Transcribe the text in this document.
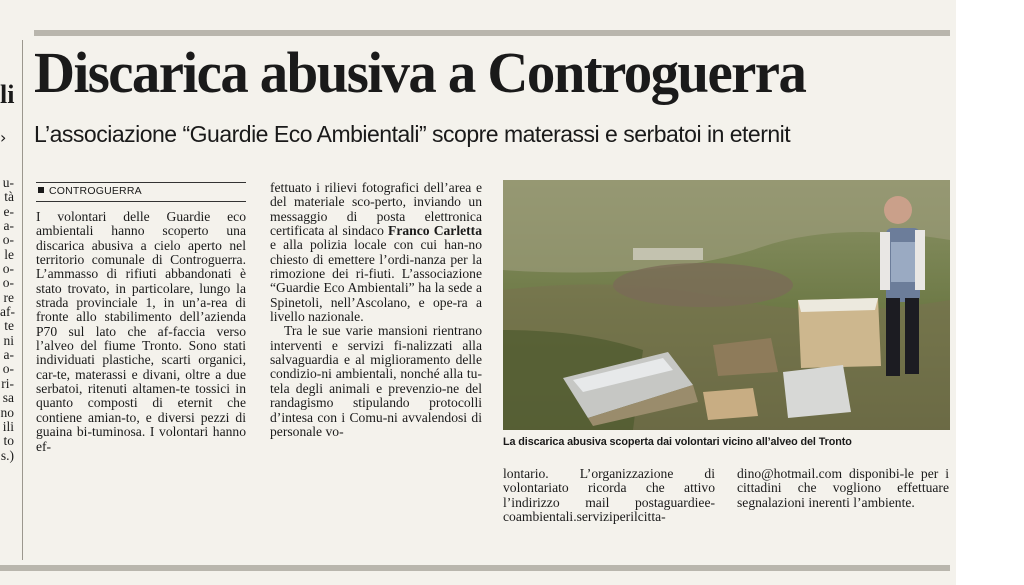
li
›
u-
tà
e-
a-
o-
le
o-
o-
re
af-
te
ni
a-
o-
ri-
sa
no
ili
to
s.)
Discarica abusiva a Controguerra

L’associazione “Guardie Eco Ambientali” scopre materassi e serbatoi in eternit

CONTROGUERRA

I volontari delle Guardie eco ambientali hanno scoperto una discarica abusiva a cielo aperto nel territorio comunale di Controguerra. L’ammasso di rifiuti abbandonati è stato trovato, in particolare, lungo la strada provinciale 1, in un’a-rea di fronte allo stabilimento dell’azienda P70 sul lato che af-faccia verso l’alveo del fiume Tronto. Sono stati individuati plastiche, scarti organici, car-te, materassi e divani, oltre a due serbatoi, ritenuti altamen-te tossici in quanto composti di eternit che contiene amian-to, e diversi pezzi di guaina bi-tuminosa. I volontari hanno ef-

fettuato i rilievi fotografici dell’area e del materiale sco-perto, inviando un messaggio di posta elettronica certificata al sindaco Franco Carletta e alla polizia locale con cui han-no chiesto di emettere l’ordi-nanza per la rimozione dei ri-fiuti. L’associazione “Guardie Eco Ambientali” ha la sede a Spinetoli, nell’Ascolano, e ope-ra a livello nazionale.

Tra le sue varie mansioni rientrano interventi e servizi fi-nalizzati alla salvaguardia e al miglioramento delle condizio-ni ambientali, nonché alla tu-tela degli animali e prevenzio-ne del randagismo stipulando protocolli d’intesa con i Comu-ni avvalendosi di personale vo-

La discarica abusiva scoperta dai volontari vicino all’alveo del Tronto

lontario. L’organizzazione di volontariato ricorda che attivo l’indirizzo mail postaguardiee-coambientali.serviziperilcitta-

dino@hotmail.com disponibi-le per i cittadini che vogliono effettuare segnalazioni inerenti l’ambiente.
